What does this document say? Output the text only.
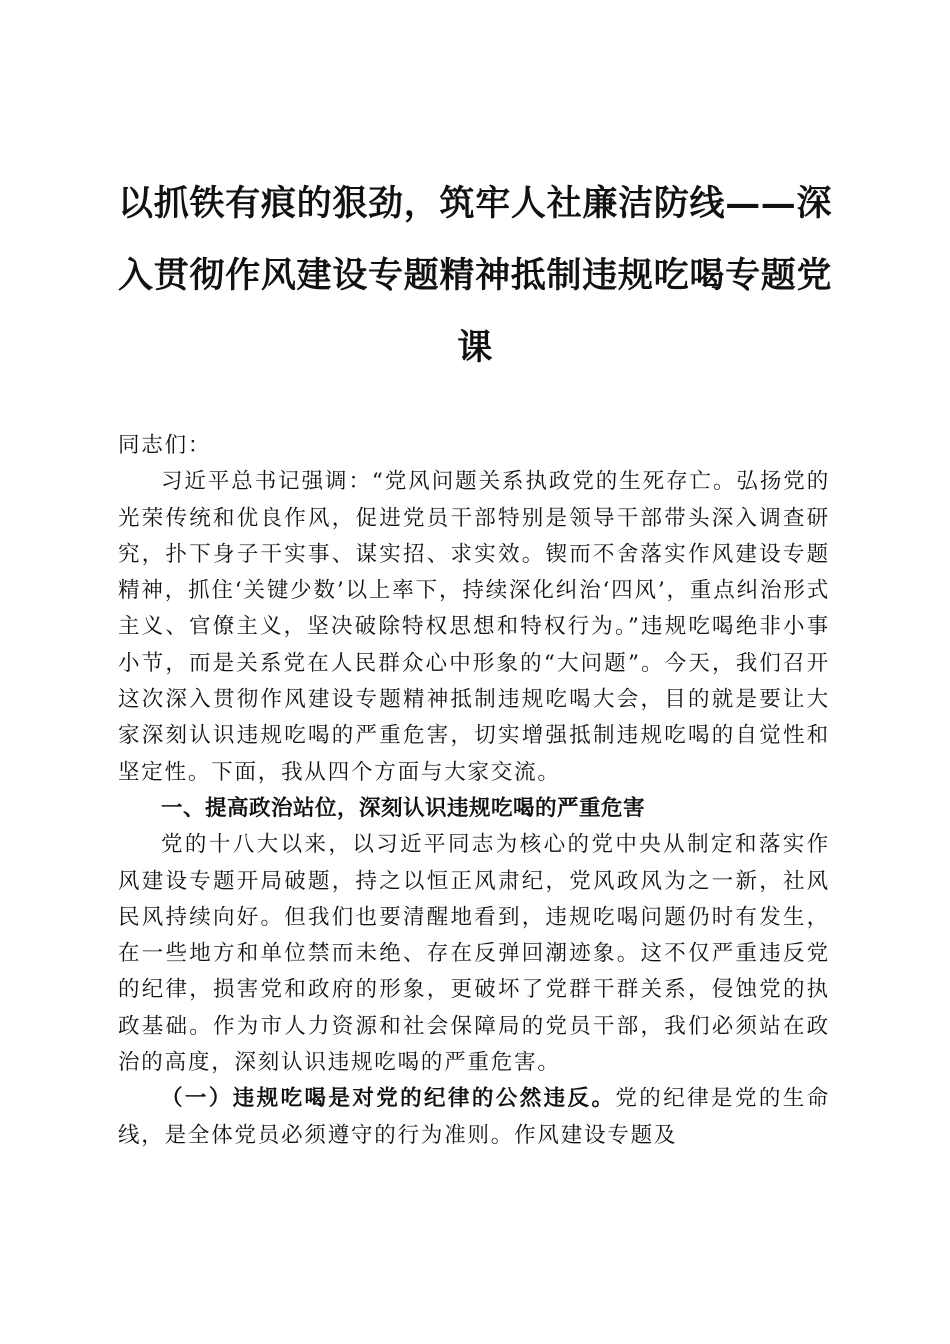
以抓铁有痕的狠劲，筑牢人社廉洁防线——深入贯彻作风建设专题精神抵制违规吃喝专题党课

同志们：

习近平总书记强调：“党风问题关系执政党的生死存亡。弘扬党的光荣传统和优良作风，促进党员干部特别是领导干部带头深入调查研究，扑下身子干实事、谋实招、求实效。锲而不舍落实作风建设专题精神，抓住‘关键少数’以上率下，持续深化纠治‘四风’，重点纠治形式主义、官僚主义，坚决破除特权思想和特权行为。”违规吃喝绝非小事小节，而是关系党在人民群众心中形象的“大问题”。今天，我们召开这次深入贯彻作风建设专题精神抵制违规吃喝大会，目的就是要让大家深刻认识违规吃喝的严重危害，切实增强抵制违规吃喝的自觉性和坚定性。下面，我从四个方面与大家交流。

一、提高政治站位，深刻认识违规吃喝的严重危害

党的十八大以来，以习近平同志为核心的党中央从制定和落实作风建设专题开局破题，持之以恒正风肃纪，党风政风为之一新，社风民风持续向好。但我们也要清醒地看到，违规吃喝问题仍时有发生，在一些地方和单位禁而未绝、存在反弹回潮迹象。这不仅严重违反党的纪律，损害党和政府的形象，更破坏了党群干群关系，侵蚀党的执政基础。作为市人力资源和社会保障局的党员干部，我们必须站在政治的高度，深刻认识违规吃喝的严重危害。

（一）违规吃喝是对党的纪律的公然违反。党的纪律是党的生命线，是全体党员必须遵守的行为准则。作风建设专题及
